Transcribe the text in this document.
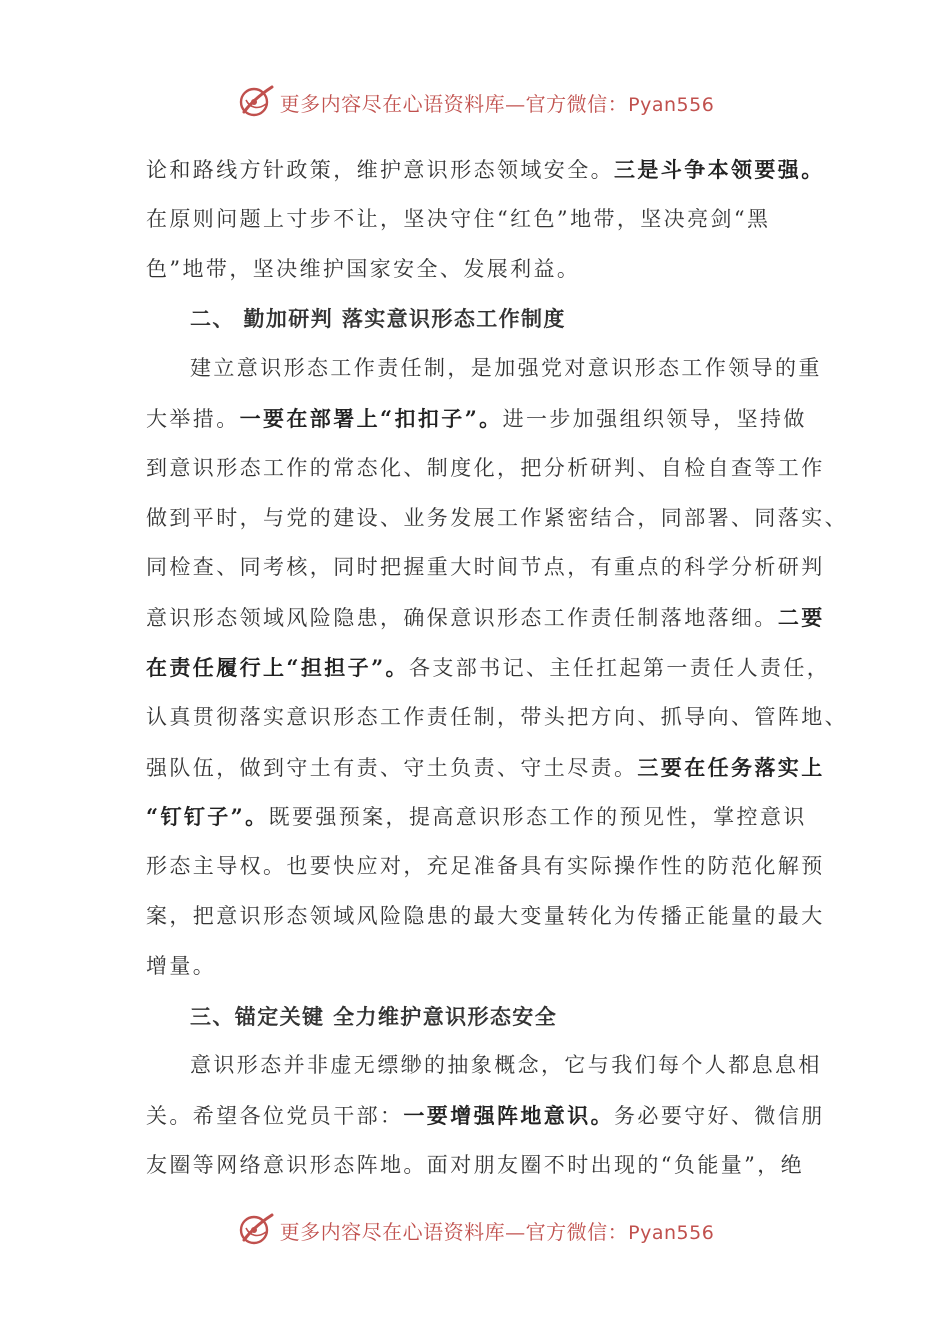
更多内容尽在心语资料库—官方微信：Pyan556
论和路线方针政策，维护意识形态领域安全。三是斗争本领要强。
在原则问题上寸步不让，坚决守住“红色”地带，坚决亮剑“黑
色”地带，坚决维护国家安全、发展利益。
二、 勤加研判 落实意识形态工作制度
建立意识形态工作责任制，是加强党对意识形态工作领导的重
大举措。一要在部署上“扣扣子”。进一步加强组织领导，坚持做
到意识形态工作的常态化、制度化，把分析研判、自检自查等工作
做到平时，与党的建设、业务发展工作紧密结合，同部署、同落实、
同检查、同考核，同时把握重大时间节点，有重点的科学分析研判
意识形态领域风险隐患，确保意识形态工作责任制落地落细。二要
在责任履行上“担担子”。各支部书记、主任扛起第一责任人责任，
认真贯彻落实意识形态工作责任制，带头把方向、抓导向、管阵地、
强队伍，做到守土有责、守土负责、守土尽责。三要在任务落实上
“钉钉子”。既要强预案，提高意识形态工作的预见性，掌控意识
形态主导权。也要快应对，充足准备具有实际操作性的防范化解预
案，把意识形态领域风险隐患的最大变量转化为传播正能量的最大
增量。
三、锚定关键 全力维护意识形态安全
意识形态并非虚无缥缈的抽象概念，它与我们每个人都息息相
关。希望各位党员干部：一要增强阵地意识。务必要守好、微信朋
友圈等网络意识形态阵地。面对朋友圈不时出现的“负能量”，绝
更多内容尽在心语资料库—官方微信：Pyan556
